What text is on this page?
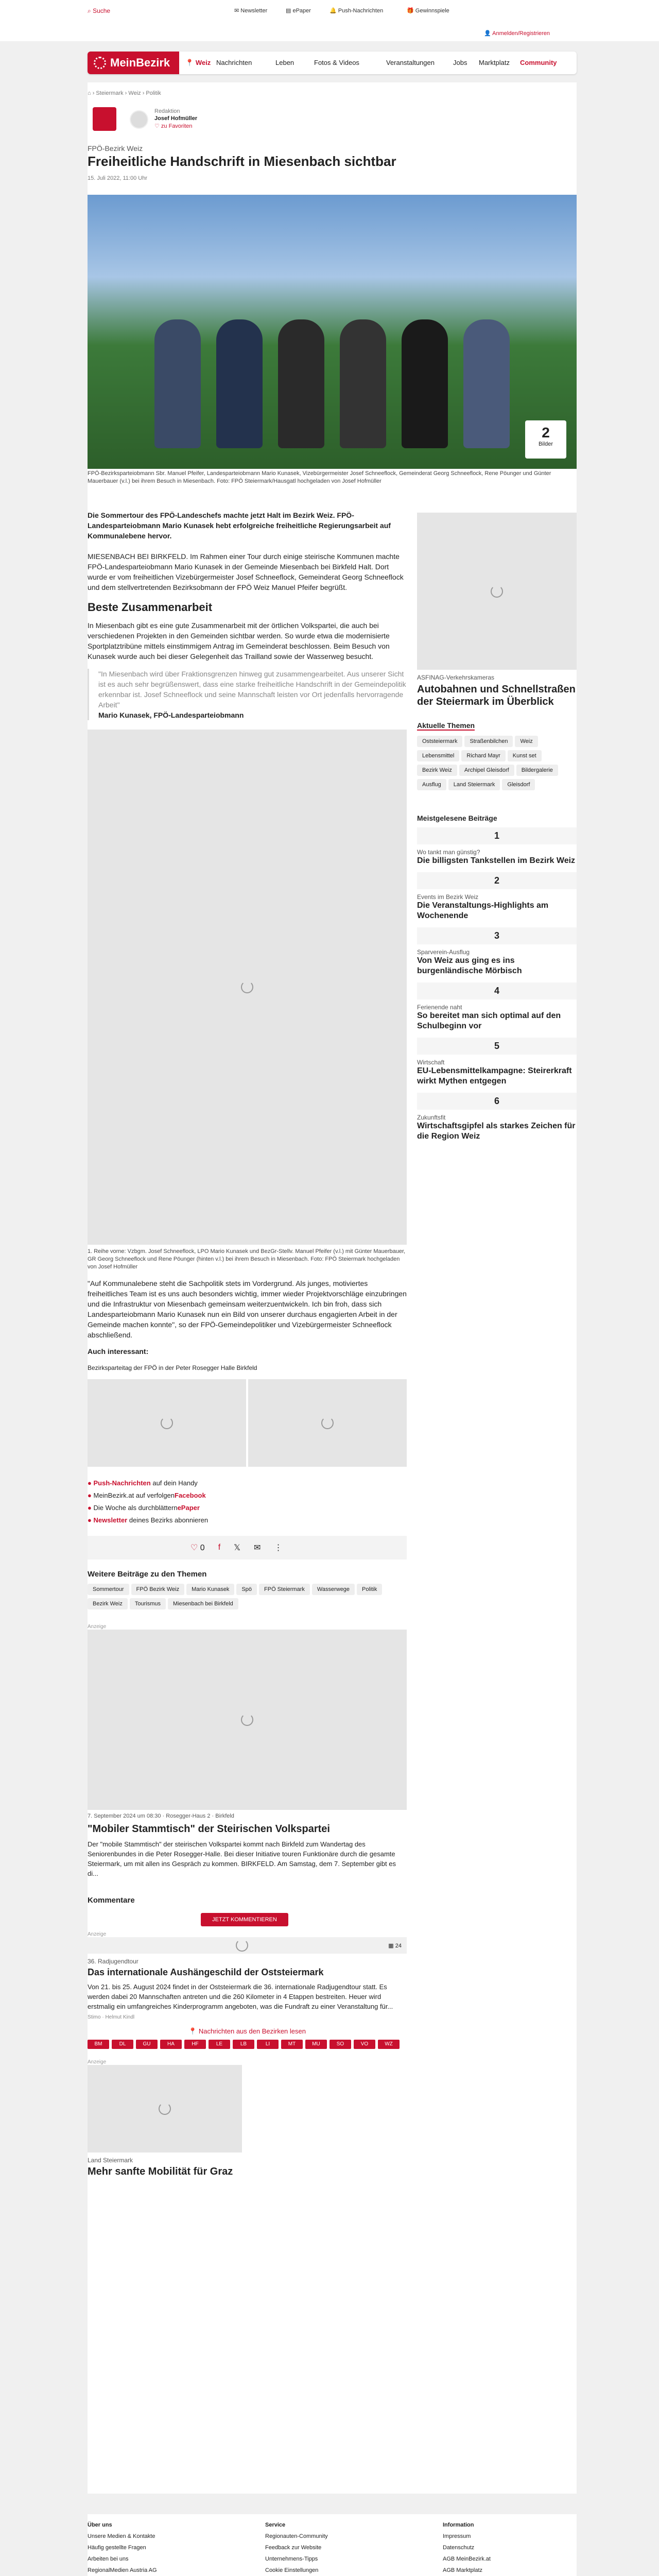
⌕ Suche	✉ Newsletter	▤ ePaper	🔔 Push-Nachrichten	🎁 Gewinnspiele
👤 Anmelden/Registrieren
MeinBezirk	📍 Weiz Nachrichten	Leben	Fotos & Videos	Veranstaltungen	Jobs Marktplatz Community
⌂ › Steiermark › Weiz › Politik
Redaktion
Josef Hofmüller
♡ zu Favoriten
FPÖ-Bezirk Weiz
Freiheitliche Handschrift in Miesenbach sichtbar
15. Juli 2022, 11:00 Uhr
2
Bilder
FPÖ-Bezirksparteiobmann Sbr. Manuel Pfeifer, Landesparteiobmann Mario Kunasek, Vizebürgermeister Josef Schneeflock, Gemeinderat Georg Schneeflock, Rene Pöunger und Günter Mauerbauer (v.l.) bei ihrem Besuch in Miesenbach. Foto: FPÖ Steiermark/Hausgatl hochgeladen von Josef Hofmüller
Die Sommertour des FPÖ-Landeschefs machte jetzt Halt im Bezirk Weiz. FPÖ-Landesparteiobmann Mario Kunasek hebt erfolgreiche freiheitliche Regierungsarbeit auf Kommunalebene hervor.
MIESENBACH BEI BIRKFELD. Im Rahmen einer Tour durch einige steirische Kommunen machte FPÖ-Landesparteiobmann Mario Kunasek in der Gemeinde Miesenbach bei Birkfeld Halt. Dort wurde er vom freiheitlichen Vizebürgermeister Josef Schneeflock, Gemeinderat Georg Schneeflock und dem stellvertretenden Bezirksobmann der FPÖ Weiz Manuel Pfeifer begrüßt.
Beste Zusammenarbeit
In Miesenbach gibt es eine gute Zusammenarbeit mit der örtlichen Volkspartei, die auch bei verschiedenen Projekten in den Gemeinden sichtbar werden. So wurde etwa die modernisierte Sportplatztribüne mittels einstimmigem Antrag im Gemeinderat beschlossen. Beim Besuch von Kunasek wurde auch bei dieser Gelegenheit das Trailland sowie der Wasserweg besucht.
"In Miesenbach wird über Fraktionsgrenzen hinweg gut zusammengearbeitet. Aus unserer Sicht ist es auch sehr begrüßenswert, dass eine starke freiheitliche Handschrift in der Gemeindepolitik erkennbar ist. Josef Schneeflock und seine Mannschaft leisten vor Ort jedenfalls hervorragende Arbeit"
Mario Kunasek, FPÖ-Landesparteiobmann
1. Reihe vorne: Vzbgm. Josef Schneeflock, LPO Mario Kunasek und BezGr-Stellv. Manuel Pfeifer (v.l.) mit Günter Mauerbauer, GR Georg Schneeflock und Rene Pöunger (hinten v.l.) bei ihrem Besuch in Miesenbach. Foto: FPÖ Steiermark hochgeladen von Josef Hofmüller
"Auf Kommunalebene steht die Sachpolitik stets im Vordergrund. Als junges, motiviertes freiheitliches Team ist es uns auch besonders wichtig, immer wieder Projektvorschläge einzubringen und die Infrastruktur von Miesenbach gemeinsam weiterzuentwickeln. Ich bin froh, dass sich Landesparteiobmann Mario Kunasek nun ein Bild von unserer durchaus engagierten Arbeit in der Gemeinde machen konnte", so der FPÖ-Gemeindepolitiker und Vizebürgermeister Schneeflock abschließend.
Auch interessant:
Bezirksparteitag der FPÖ in der Peter Rosegger Halle Birkfeld
● Push-Nachrichten auf dein Handy
● MeinBezirk.at auf verfolgenFacebook
● Die Woche als durchblätternePaper
● Newsletter deines Bezirks abonnieren
♡ 0 f 𝕏 ✉ ⋮
Weitere Beiträge zu den Themen
Sommertour FPÖ Bezirk Weiz Mario Kunasek Spö FPÖ Steiermark Wasserwege PolitikBezirk Weiz Tourismus Miesenbach bei Birkfeld
Anzeige
7. September 2024 um 08:30 · Rosegger-Haus 2 · Birkfeld
"Mobiler Stammtisch" der Steirischen Volkspartei
Der "mobile Stammtisch" der steirischen Volkspartei kommt nach Birkfeld zum Wandertag des Seniorenbundes in die Peter Rosegger-Halle. Bei dieser Initiative touren Funktionäre durch die gesamte Steiermark, um mit allen ins Gespräch zu kommen. BIRKFELD. Am Samstag, dem 7. September gibt es di...
Kommentare
JETZT KOMMENTIEREN
Anzeige
▦ 24
36. Radjugendtour
Das internationale Aushängeschild der Oststeiermark
Von 21. bis 25. August 2024 findet in der Oststeiermark die 36. internationale Radjugendtour statt. Es werden dabei 20 Mannschaften antreten und die 260 Kilometer in 4 Etappen bestreiten. Heuer wird erstmalig ein umfangreiches Kinderprogramm angeboten, was die Fundraft zu einer Veranstaltung für...
Stimo · Helmut Kindl
📍 Nachrichten aus den Bezirken lesen
BM	DL	GU	HA	HF	LE	LB	LI	MT	MU	SO	VO	WZ
Anzeige
Land Steiermark
Mehr sanfte Mobilität für Graz
ASFINAG-Verkehrskameras
Autobahnen und Schnellstraßen der Steiermark im Überblick
Aktuelle Themen
Oststeiermark Straßenbilchen WeizLebensmittel Richard Mayr Kunst setBezirk Weiz Archipel Gleisdorf BildergalerieAusflug Land Steiermark Gleisdorf
Meistgelesene Beiträge
1
Wo tankt man günstig?
Die billigsten Tankstellen im Bezirk Weiz
2
Events im Bezirk Weiz
Die Veranstaltungs-Highlights am Wochenende
3
Sparverein-Ausflug
Von Weiz aus ging es ins burgenländische Mörbisch
4
Ferienende naht
So bereitet man sich optimal auf den Schulbeginn vor
5
Wirtschaft
EU-Lebensmittelkampagne: Steirerkraft wirkt Mythen entgegen
6
Zukunftsfit
Wirtschaftsgipfel als starkes Zeichen für die Region Weiz
Über uns
Unsere Medien & Kontakte
Häufig gestellte Fragen
Arbeiten bei uns
RegionalMedien Austria AG
Service
Regionauten-Community
Feedback zur Website
Unternehmens-Tipps
Cookie Einstellungen
Information
Impressum
Datenschutz
AGB MeinBezirk.at
AGB Marktplatz
